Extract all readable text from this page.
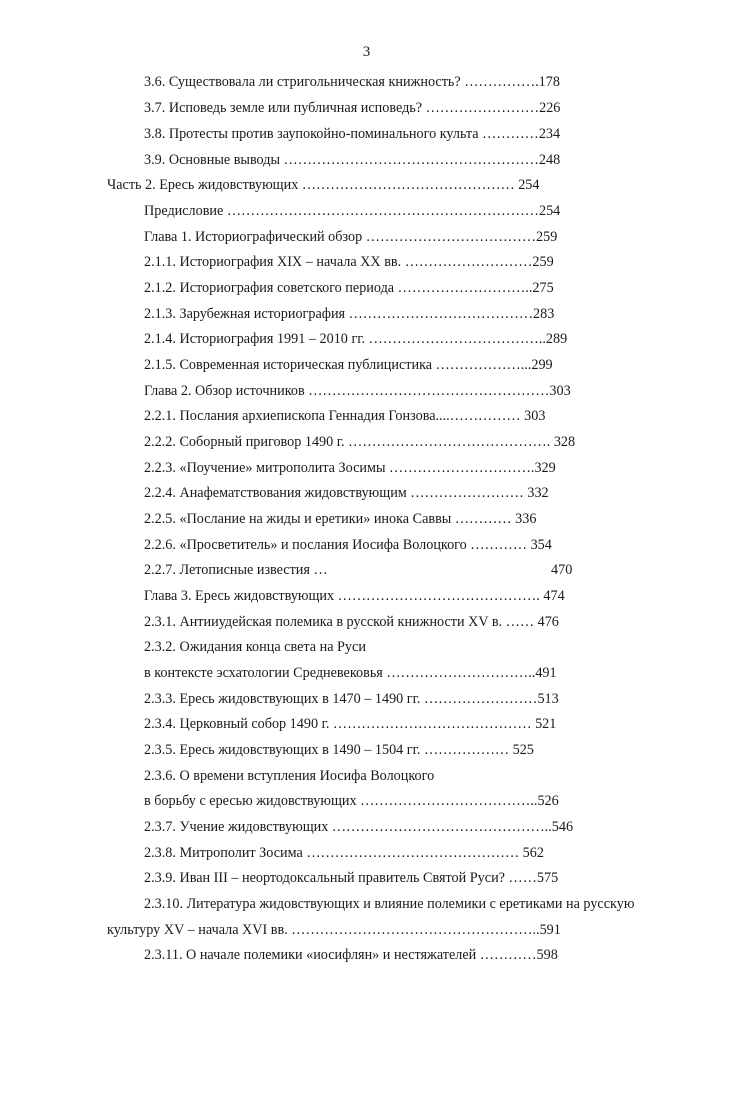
3
3.6. Существовала ли стригольническая книжность? …………….178
3.7. Исповедь земле или публичная исповедь? ……………………226
3.8. Протесты против заупокойно-поминального культа …………234
3.9. Основные выводы ………………………………………………248
Часть 2. Ересь жидовствующих ……………………………………… 254
Предисловие …………………………………………………………254
Глава 1. Историографический обзор ………………………………259
2.1.1. Историография XIX – начала XX вв. ………………………259
2.1.2. Историография советского периода ………………………..275
2.1.3. Зарубежная историография …………………………………283
2.1.4. Историография 1991 – 2010 гг. ………………………………..289
2.1.5. Современная историческая публицистика ………………...299
Глава 2. Обзор источников ……………………………………………303
2.2.1. Послания архиепископа Геннадия Гонзова....…………… 303
2.2.2. Соборный приговор 1490 г. ……………………………………. 328
2.2.3. «Поучение» митрополита Зосимы ………………………….329
2.2.4. Анафематствования жидовствующим …………………… 332
2.2.5. «Послание на жиды и еретики» инока Саввы ………… 336
2.2.6. «Просветитель» и послания Иосифа Волоцкого ………… 354
2.2.7. Летописные известия …
Глава 3. Ересь жидовствующих ……………………………………. 474
2.3.1. Антииудейская полемика в русской книжности XV в. …… 476
2.3.2. Ожидания конца света на Руси
в контексте эсхатологии Средневековья …………………………..491
2.3.3. Ересь жидовствующих в 1470 – 1490 гг. ……………………513
2.3.4. Церковный собор 1490 г. …………………………………… 521
2.3.5. Ересь жидовствующих в 1490 – 1504 гг. ……………… 525
2.3.6. О времени вступления Иосифа Волоцкого
в борьбу с ересью жидовствующих ………………………………..526
2.3.7. Учение жидовствующих ………………………………………..546
2.3.8. Митрополит Зосима ……………………………………… 562
2.3.9. Иван III – неортодоксальный правитель Святой Руси? ……575
2.3.10. Литература жидовствующих и влияние полемики с еретиками на русскую
культуру XV – начала XVI вв. ……………………………………………..591
2.3.11. О начале полемики «иосифлян» и нестяжателей …………598
470
